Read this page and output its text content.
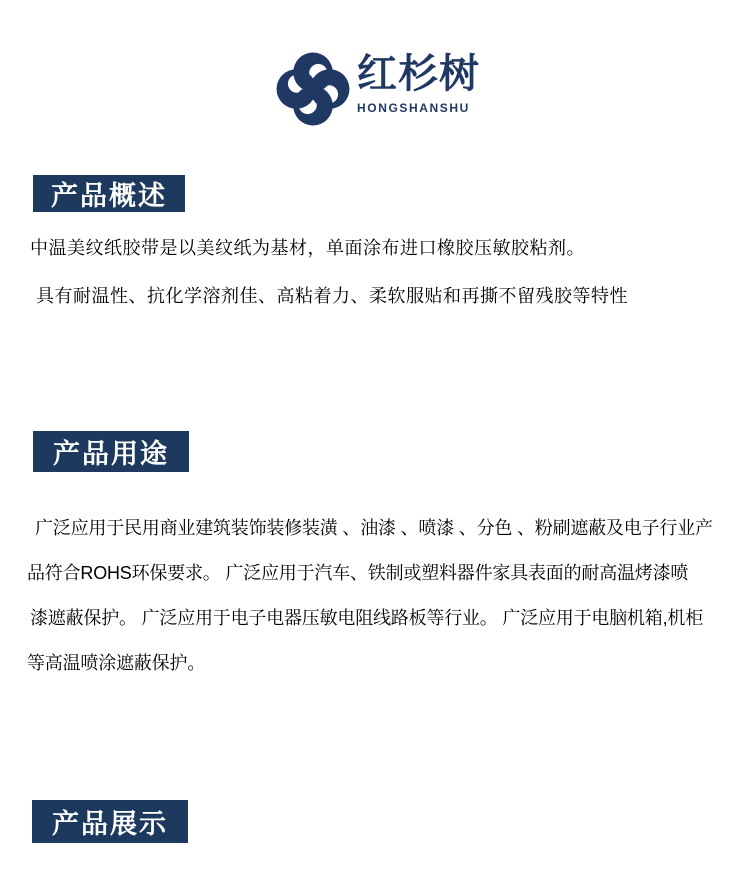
红杉树
HONGSHANSHU
产品概述
中温美纹纸胶带是以美纹纸为基材，单面涂布进口橡胶压敏胶粘剂。
具有耐温性、抗化学溶剂佳、高粘着力、柔软服贴和再撕不留残胶等特性
产品用途
广泛应用于民用商业建筑装饰装修装潢 、油漆 、喷漆 、分色 、粉刷遮蔽及电子行业产
品符合ROHS环保要求。 广泛应用于汽车、铁制或塑料器件家具表面的耐高温烤漆喷
漆遮蔽保护。 广泛应用于电子电器压敏电阻线路板等行业。 广泛应用于电脑机箱,机柜
等高温喷涂遮蔽保护。
产品展示
